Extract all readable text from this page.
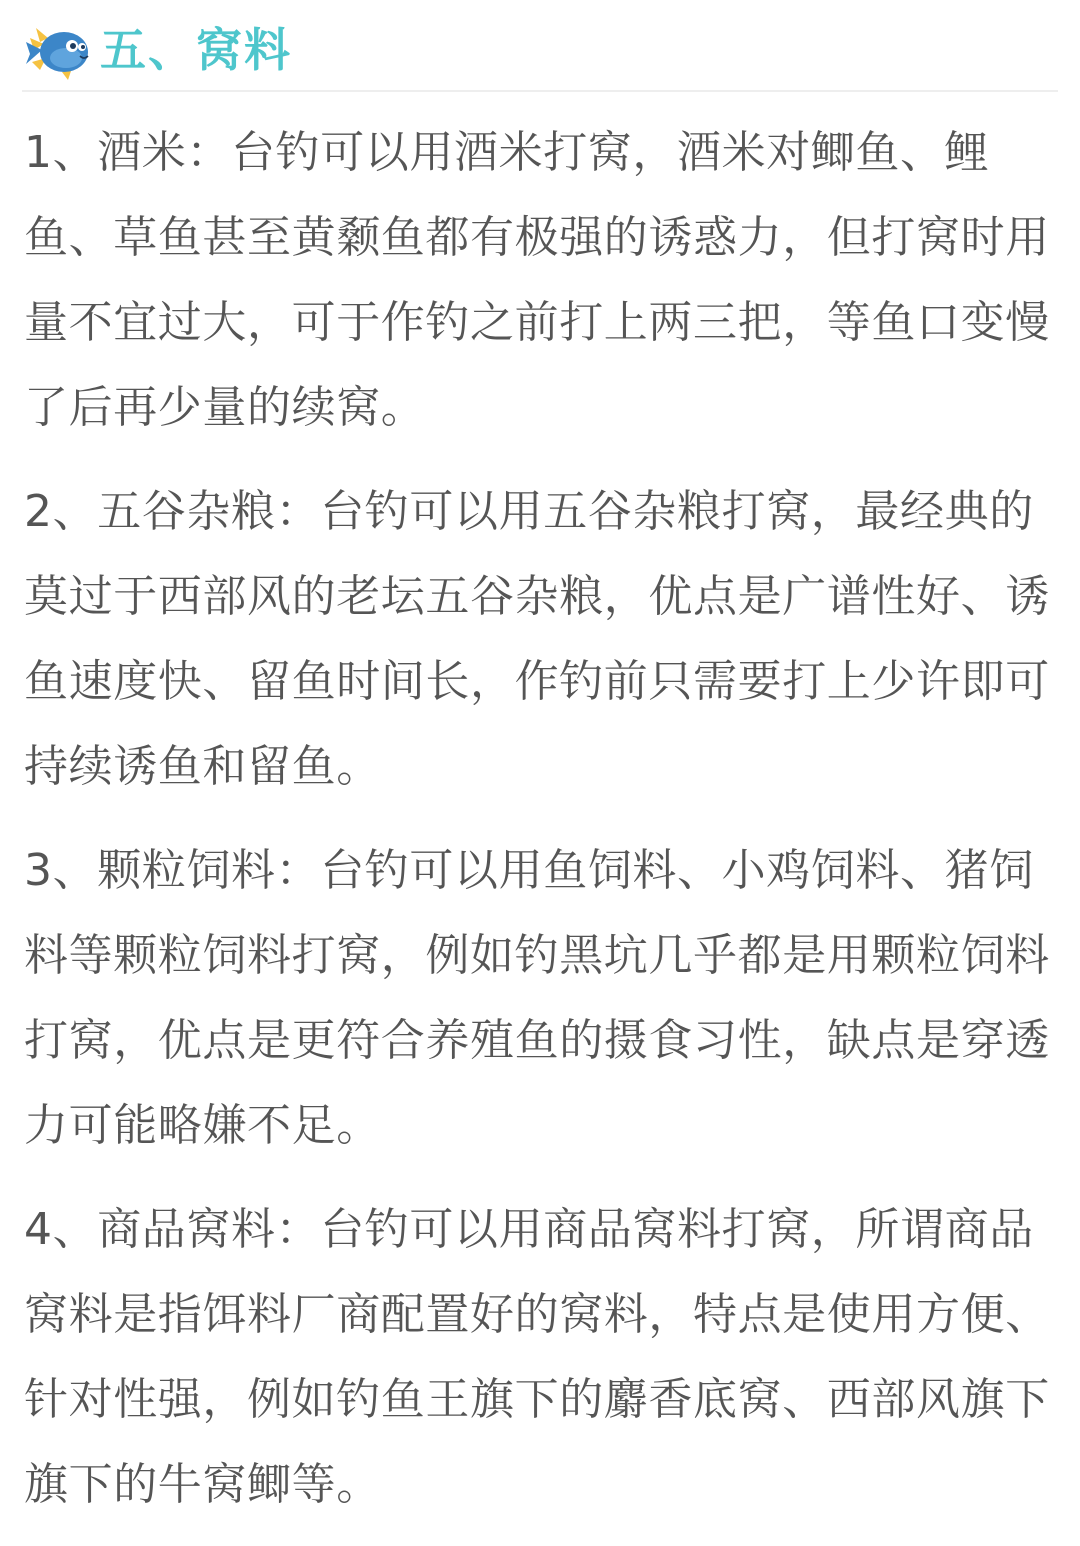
五、窝料

1、酒米：台钓可以用酒米打窝，酒米对鲫鱼、鲤鱼、草鱼甚至黄颡鱼都有极强的诱惑力，但打窝时用量不宜过大，可于作钓之前打上两三把，等鱼口变慢了后再少量的续窝。

2、五谷杂粮：台钓可以用五谷杂粮打窝，最经典的莫过于西部风的老坛五谷杂粮，优点是广谱性好、诱鱼速度快、留鱼时间长，作钓前只需要打上少许即可持续诱鱼和留鱼。

3、颗粒饲料：台钓可以用鱼饲料、小鸡饲料、猪饲料等颗粒饲料打窝，例如钓黑坑几乎都是用颗粒饲料打窝，优点是更符合养殖鱼的摄食习性，缺点是穿透力可能略嫌不足。

4、商品窝料：台钓可以用商品窝料打窝，所谓商品窝料是指饵料厂商配置好的窝料，特点是使用方便、针对性强，例如钓鱼王旗下的麝香底窝、西部风旗下旗下的牛窝鲫等。
